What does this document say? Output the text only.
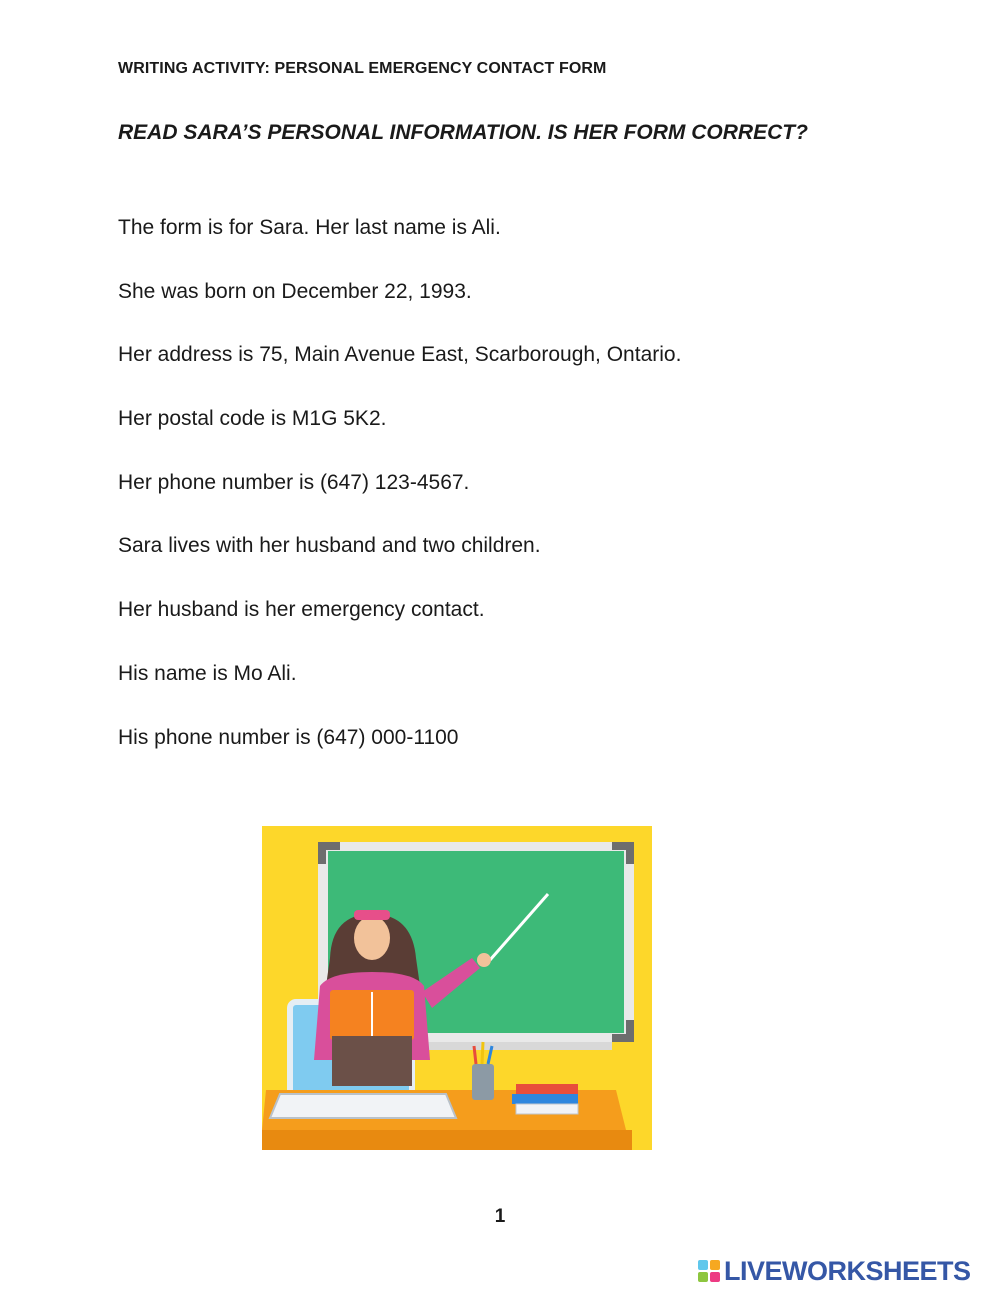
WRITING ACTIVITY: PERSONAL EMERGENCY CONTACT FORM
READ SARA’S PERSONAL INFORMATION. IS HER FORM CORRECT?
The form is for Sara. Her last name is Ali.
She was born on December 22, 1993.
Her address is 75, Main Avenue East, Scarborough, Ontario.
Her postal code is M1G 5K2.
Her phone number is (647) 123-4567.
Sara lives with her husband and two children.
Her husband is her emergency contact.
His name is Mo Ali.
His phone number is (647) 000-1100
1
LIVEWORKSHEETS
